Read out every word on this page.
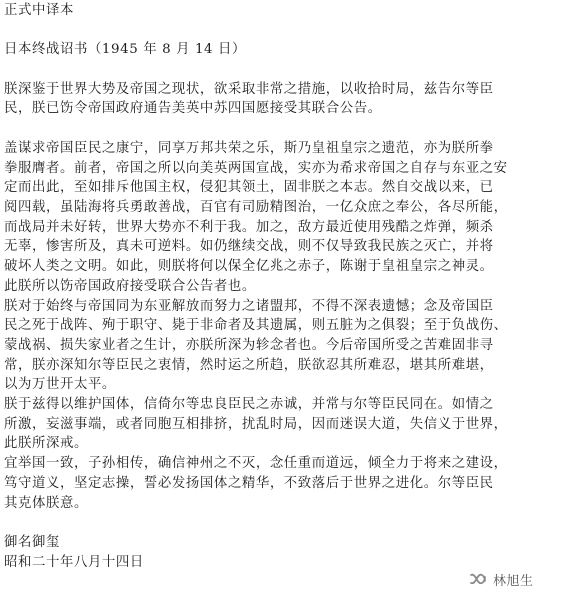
正式中译本
日本终战诏书（1945 年 8 月 14 日）
朕深鉴于世界大势及帝国之现状，欲采取非常之措施，以收拾时局，兹告尔等臣
民，朕已饬令帝国政府通告美英中苏四国愿接受其联合公告。
盖谋求帝国臣民之康宁，同享万邦共荣之乐，斯乃皇祖皇宗之遗范，亦为朕所拳
拳服膺者。前者，帝国之所以向美英两国宣战，实亦为希求帝国之自存与东亚之安
定而出此，至如排斥他国主权，侵犯其领土，固非朕之本志。然自交战以来，已
阅四载，虽陆海将兵勇敢善战，百官有司励精图治，一亿众庶之奉公，各尽所能，
而战局并未好转，世界大势亦不利于我。加之，敌方最近使用残酷之炸弹，频杀
无辜，惨害所及，真未可逆料。如仍继续交战，则不仅导致我民族之灭亡，并将
破坏人类之文明。如此，则朕将何以保全亿兆之赤子，陈谢于皇祖皇宗之神灵。
此朕所以饬帝国政府接受联合公告者也。
朕对于始终与帝国同为东亚解放而努力之诸盟邦，不得不深表遗憾；念及帝国臣
民之死于战阵、殉于职守、毙于非命者及其遗属，则五脏为之俱裂；至于负战伤、
蒙战祸、损失家业者之生计，亦朕所深为轸念者也。今后帝国所受之苦难固非寻
常，朕亦深知尔等臣民之衷情，然时运之所趋，朕欲忍其所难忍，堪其所难堪，
以为万世开太平。
朕于兹得以维护国体，信倚尔等忠良臣民之赤诚，并常与尔等臣民同在。如情之
所激，妄滋事端，或者同胞互相排挤，扰乱时局，因而迷误大道，失信义于世界，
此朕所深戒。
宜举国一致，子孙相传，确信神州之不灭，念任重而道远，倾全力于将来之建设，
笃守道义，坚定志操，誓必发扬国体之精华，不致落后于世界之进化。尔等臣民
其克体朕意。
御名御玺
昭和二十年八月十四日
林旭生
